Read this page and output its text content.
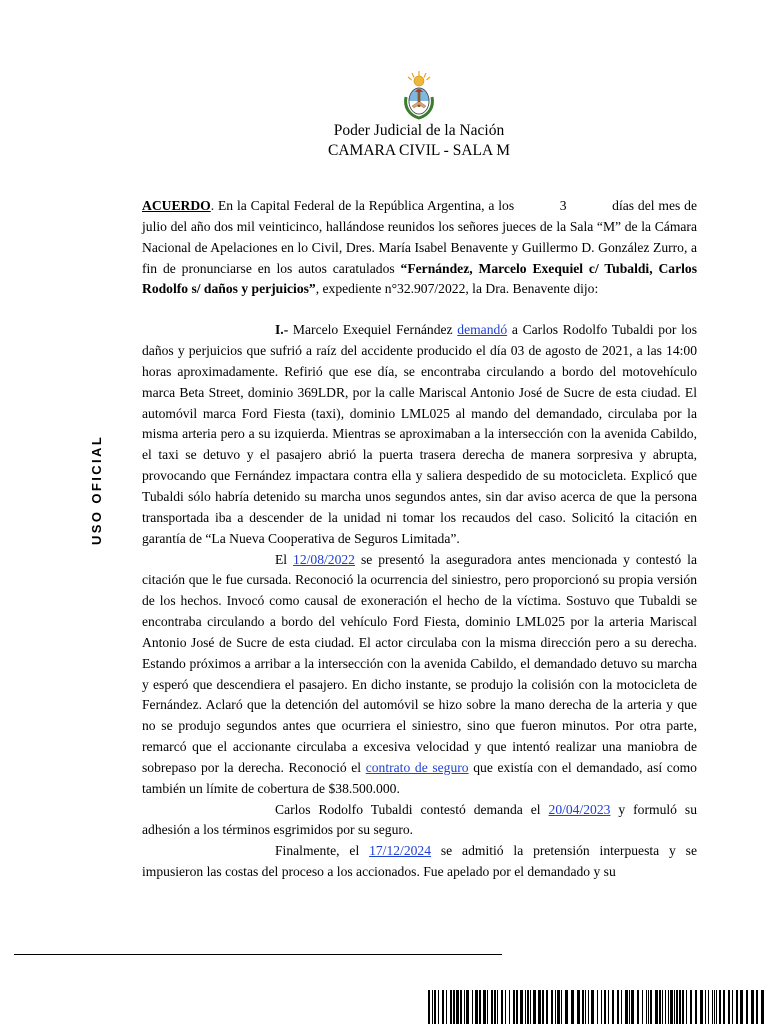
Poder Judicial de la Nación
CAMARA CIVIL - SALA M
USO OFICIAL

ACUERDO. En la Capital Federal de la República Argentina, a los	3	días del mes de julio del año dos mil veinticinco, hallándose reunidos los señores jueces de la Sala “M” de la Cámara Nacional de Apelaciones en lo Civil, Dres. María Isabel Benavente y Guillermo D. González Zurro, a fin de pronunciarse en los autos caratulados “Fernández, Marcelo Exequiel c/ Tubaldi, Carlos Rodolfo s/ daños y perjuicios”, expediente n°32.907/2022, la Dra. Benavente dijo:

I.- Marcelo Exequiel Fernández demandó a Carlos Rodolfo Tubaldi por los daños y perjuicios que sufrió a raíz del accidente producido el día 03 de agosto de 2021, a las 14:00 horas aproximadamente. Refirió que ese día, se encontraba circulando a bordo del motovehículo marca Beta Street, dominio 369LDR, por la calle Mariscal Antonio José de Sucre de esta ciudad. El automóvil marca Ford Fiesta (taxi), dominio LML025 al mando del demandado, circulaba por la misma arteria pero a su izquierda. Mientras se aproximaban a la intersección con la avenida Cabildo, el taxi se detuvo y el pasajero abrió la puerta trasera derecha de manera sorpresiva y abrupta, provocando que Fernández impactara contra ella y saliera despedido de su motocicleta. Explicó que Tubaldi sólo habría detenido su marcha unos segundos antes, sin dar aviso acerca de que la persona transportada iba a descender de la unidad ni tomar los recaudos del caso. Solicitó la citación en garantía de “La Nueva Cooperativa de Seguros Limitada”.

El 12/08/2022 se presentó la aseguradora antes mencionada y contestó la citación que le fue cursada. Reconoció la ocurrencia del siniestro, pero proporcionó su propia versión de los hechos. Invocó como causal de exoneración el hecho de la víctima. Sostuvo que Tubaldi se encontraba circulando a bordo del vehículo Ford Fiesta, dominio LML025 por la arteria Mariscal Antonio José de Sucre de esta ciudad. El actor circulaba con la misma dirección pero a su derecha. Estando próximos a arribar a la intersección con la avenida Cabildo, el demandado detuvo su marcha y esperó que descendiera el pasajero. En dicho instante, se produjo la colisión con la motocicleta de Fernández. Aclaró que la detención del automóvil se hizo sobre la mano derecha de la arteria y que no se produjo segundos antes que ocurriera el siniestro, sino que fueron minutos. Por otra parte, remarcó que el accionante circulaba a excesiva velocidad y que intentó realizar una maniobra de sobrepaso por la derecha. Reconoció el contrato de seguro que existía con el demandado, así como también un límite de cobertura de $38.500.000.

Carlos Rodolfo Tubaldi contestó demanda el 20/04/2023 y formuló su adhesión a los términos esgrimidos por su seguro.

Finalmente, el 17/12/2024 se admitió la pretensión interpuesta y se impusieron las costas del proceso a los accionados. Fue apelado por el demandado y su
